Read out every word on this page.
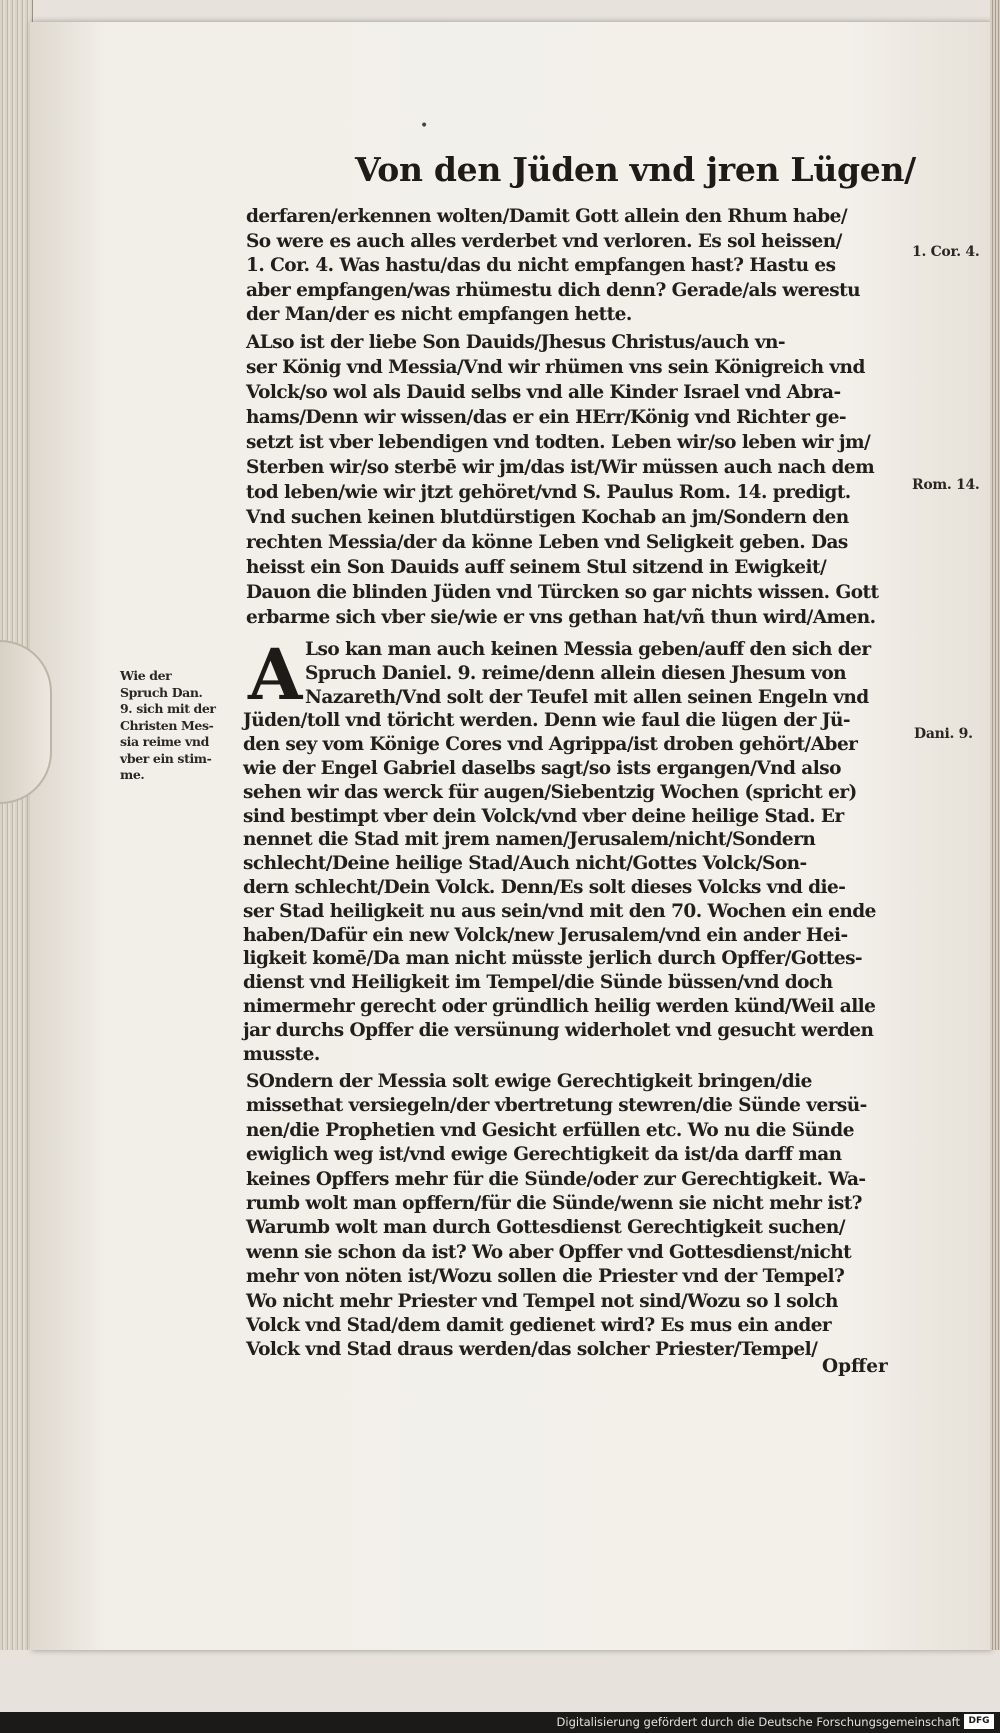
•
Von den Jüden vnd jren Lügen/
derfaren/erkennen wolten/Damit Gott allein den Rhum habe/
So were es auch alles verderbet vnd verloren. Es sol heissen/
1. Cor. 4. Was hastu/das du nicht empfangen hast? Hastu es
aber empfangen/was rhümestu dich denn? Gerade/als werestu
der Man/der es nicht empfangen hette.
ALso ist der liebe Son Dauids/Jhesus Christus/auch vn-
ser König vnd Messia/Vnd wir rhümen vns sein Königreich vnd
Volck/so wol als Dauid selbs vnd alle Kinder Israel vnd Abra-
hams/Denn wir wissen/das er ein HErr/König vnd Richter ge-
setzt ist vber lebendigen vnd todten. Leben wir/so leben wir jm/
Sterben wir/so sterbē wir jm/das ist/Wir müssen auch nach dem
tod leben/wie wir jtzt gehöret/vnd S. Paulus Rom. 14. predigt.
Vnd suchen keinen blutdürstigen Kochab an jm/Sondern den
rechten Messia/der da könne Leben vnd Seligkeit geben. Das
heisst ein Son Dauids auff seinem Stul sitzend in Ewigkeit/
Dauon die blinden Jüden vnd Türcken so gar nichts wissen. Gott
erbarme sich vber sie/wie er vns gethan hat/vñ thun wird/Amen.
A Lso kan man auch keinen Messia geben/auff den sich der
Spruch Daniel. 9. reime/denn allein diesen Jhesum von
Nazareth/Vnd solt der Teufel mit allen seinen Engeln vnd
Jüden/toll vnd töricht werden. Denn wie faul die lügen der Jü-
den sey vom Könige Cores vnd Agrippa/ist droben gehört/Aber
wie der Engel Gabriel daselbs sagt/so ists ergangen/Vnd also
sehen wir das werck für augen/Siebentzig Wochen (spricht er)
sind bestimpt vber dein Volck/vnd vber deine heilige Stad. Er
nennet die Stad mit jrem namen/Jerusalem/nicht/Sondern
schlecht/Deine heilige Stad/Auch nicht/Gottes Volck/Son-
dern schlecht/Dein Volck. Denn/Es solt dieses Volcks vnd die-
ser Stad heiligkeit nu aus sein/vnd mit den 70. Wochen ein ende
haben/Dafür ein new Volck/new Jerusalem/vnd ein ander Hei-
ligkeit komē/Da man nicht müsste jerlich durch Opffer/Gottes-
dienst vnd Heiligkeit im Tempel/die Sünde büssen/vnd doch
nimermehr gerecht oder gründlich heilig werden künd/Weil alle
jar durchs Opffer die versünung widerholet vnd gesucht werden
musste.
SOndern der Messia solt ewige Gerechtigkeit bringen/die
missethat versiegeln/der vbertretung stewren/die Sünde versü-
nen/die Prophetien vnd Gesicht erfüllen etc. Wo nu die Sünde
ewiglich weg ist/vnd ewige Gerechtigkeit da ist/da darff man
keines Opffers mehr für die Sünde/oder zur Gerechtigkeit. Wa-
rumb wolt man opffern/für die Sünde/wenn sie nicht mehr ist?
Warumb wolt man durch Gottesdienst Gerechtigkeit suchen/
wenn sie schon da ist? Wo aber Opffer vnd Gottesdienst/nicht
mehr von nöten ist/Wozu sollen die Priester vnd der Tempel?
Wo nicht mehr Priester vnd Tempel not sind/Wozu so l solch
Volck vnd Stad/dem damit gedienet wird? Es mus ein ander
Volck vnd Stad draus werden/das solcher Priester/Tempel/
Opffer
1. Cor. 4.
Rom. 14.
Dani. 9.
Wie der
Spruch Dan.
9. sich mit der
Christen Mes-
sia reime vnd
vber ein stim-
me.
Digitalisierung gefördert durch die Deutsche Forschungsgemeinschaft DFG
